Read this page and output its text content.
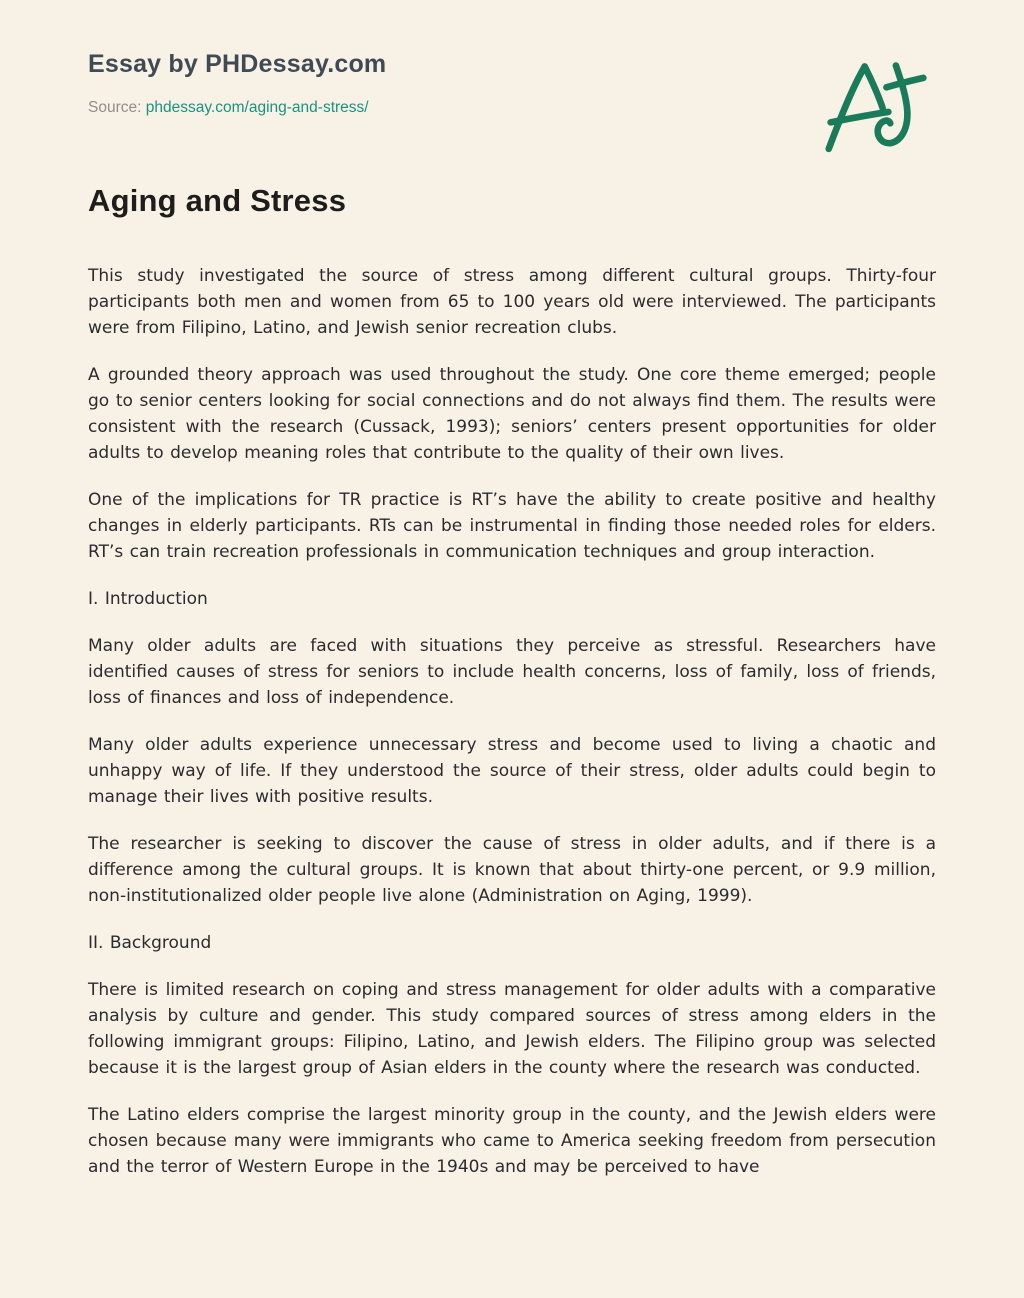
Essay by PHDessay.com

Source: phdessay.com/aging-and-stress/

Aging and Stress

This study investigated the source of stress among different cultural groups. Thirty-four participants both men and women from 65 to 100 years old were interviewed. The participants were from Filipino, Latino, and Jewish senior recreation clubs.

A grounded theory approach was used throughout the study. One core theme emerged; people go to senior centers looking for social connections and do not always find them. The results were consistent with the research (Cussack, 1993); seniors’ centers present opportunities for older adults to develop meaning roles that contribute to the quality of their own lives.

One of the implications for TR practice is RT’s have the ability to create positive and healthy changes in elderly participants. RTs can be instrumental in finding those needed roles for elders. RT’s can train recreation professionals in communication techniques and group interaction.

I. Introduction

Many older adults are faced with situations they perceive as stressful. Researchers have identified causes of stress for seniors to include health concerns, loss of family, loss of friends, loss of finances and loss of independence.

Many older adults experience unnecessary stress and become used to living a chaotic and unhappy way of life. If they understood the source of their stress, older adults could begin to manage their lives with positive results.

The researcher is seeking to discover the cause of stress in older adults, and if there is a difference among the cultural groups. It is known that about thirty-one percent, or 9.9 million, non-institutionalized older people live alone (Administration on Aging, 1999).

II. Background

There is limited research on coping and stress management for older adults with a comparative analysis by culture and gender. This study compared sources of stress among elders in the following immigrant groups: Filipino, Latino, and Jewish elders. The Filipino group was selected because it is the largest group of Asian elders in the county where the research was conducted.

The Latino elders comprise the largest minority group in the county, and the Jewish elders were chosen because many were immigrants who came to America seeking freedom from persecution and the terror of Western Europe in the 1940s and may be perceived to have
